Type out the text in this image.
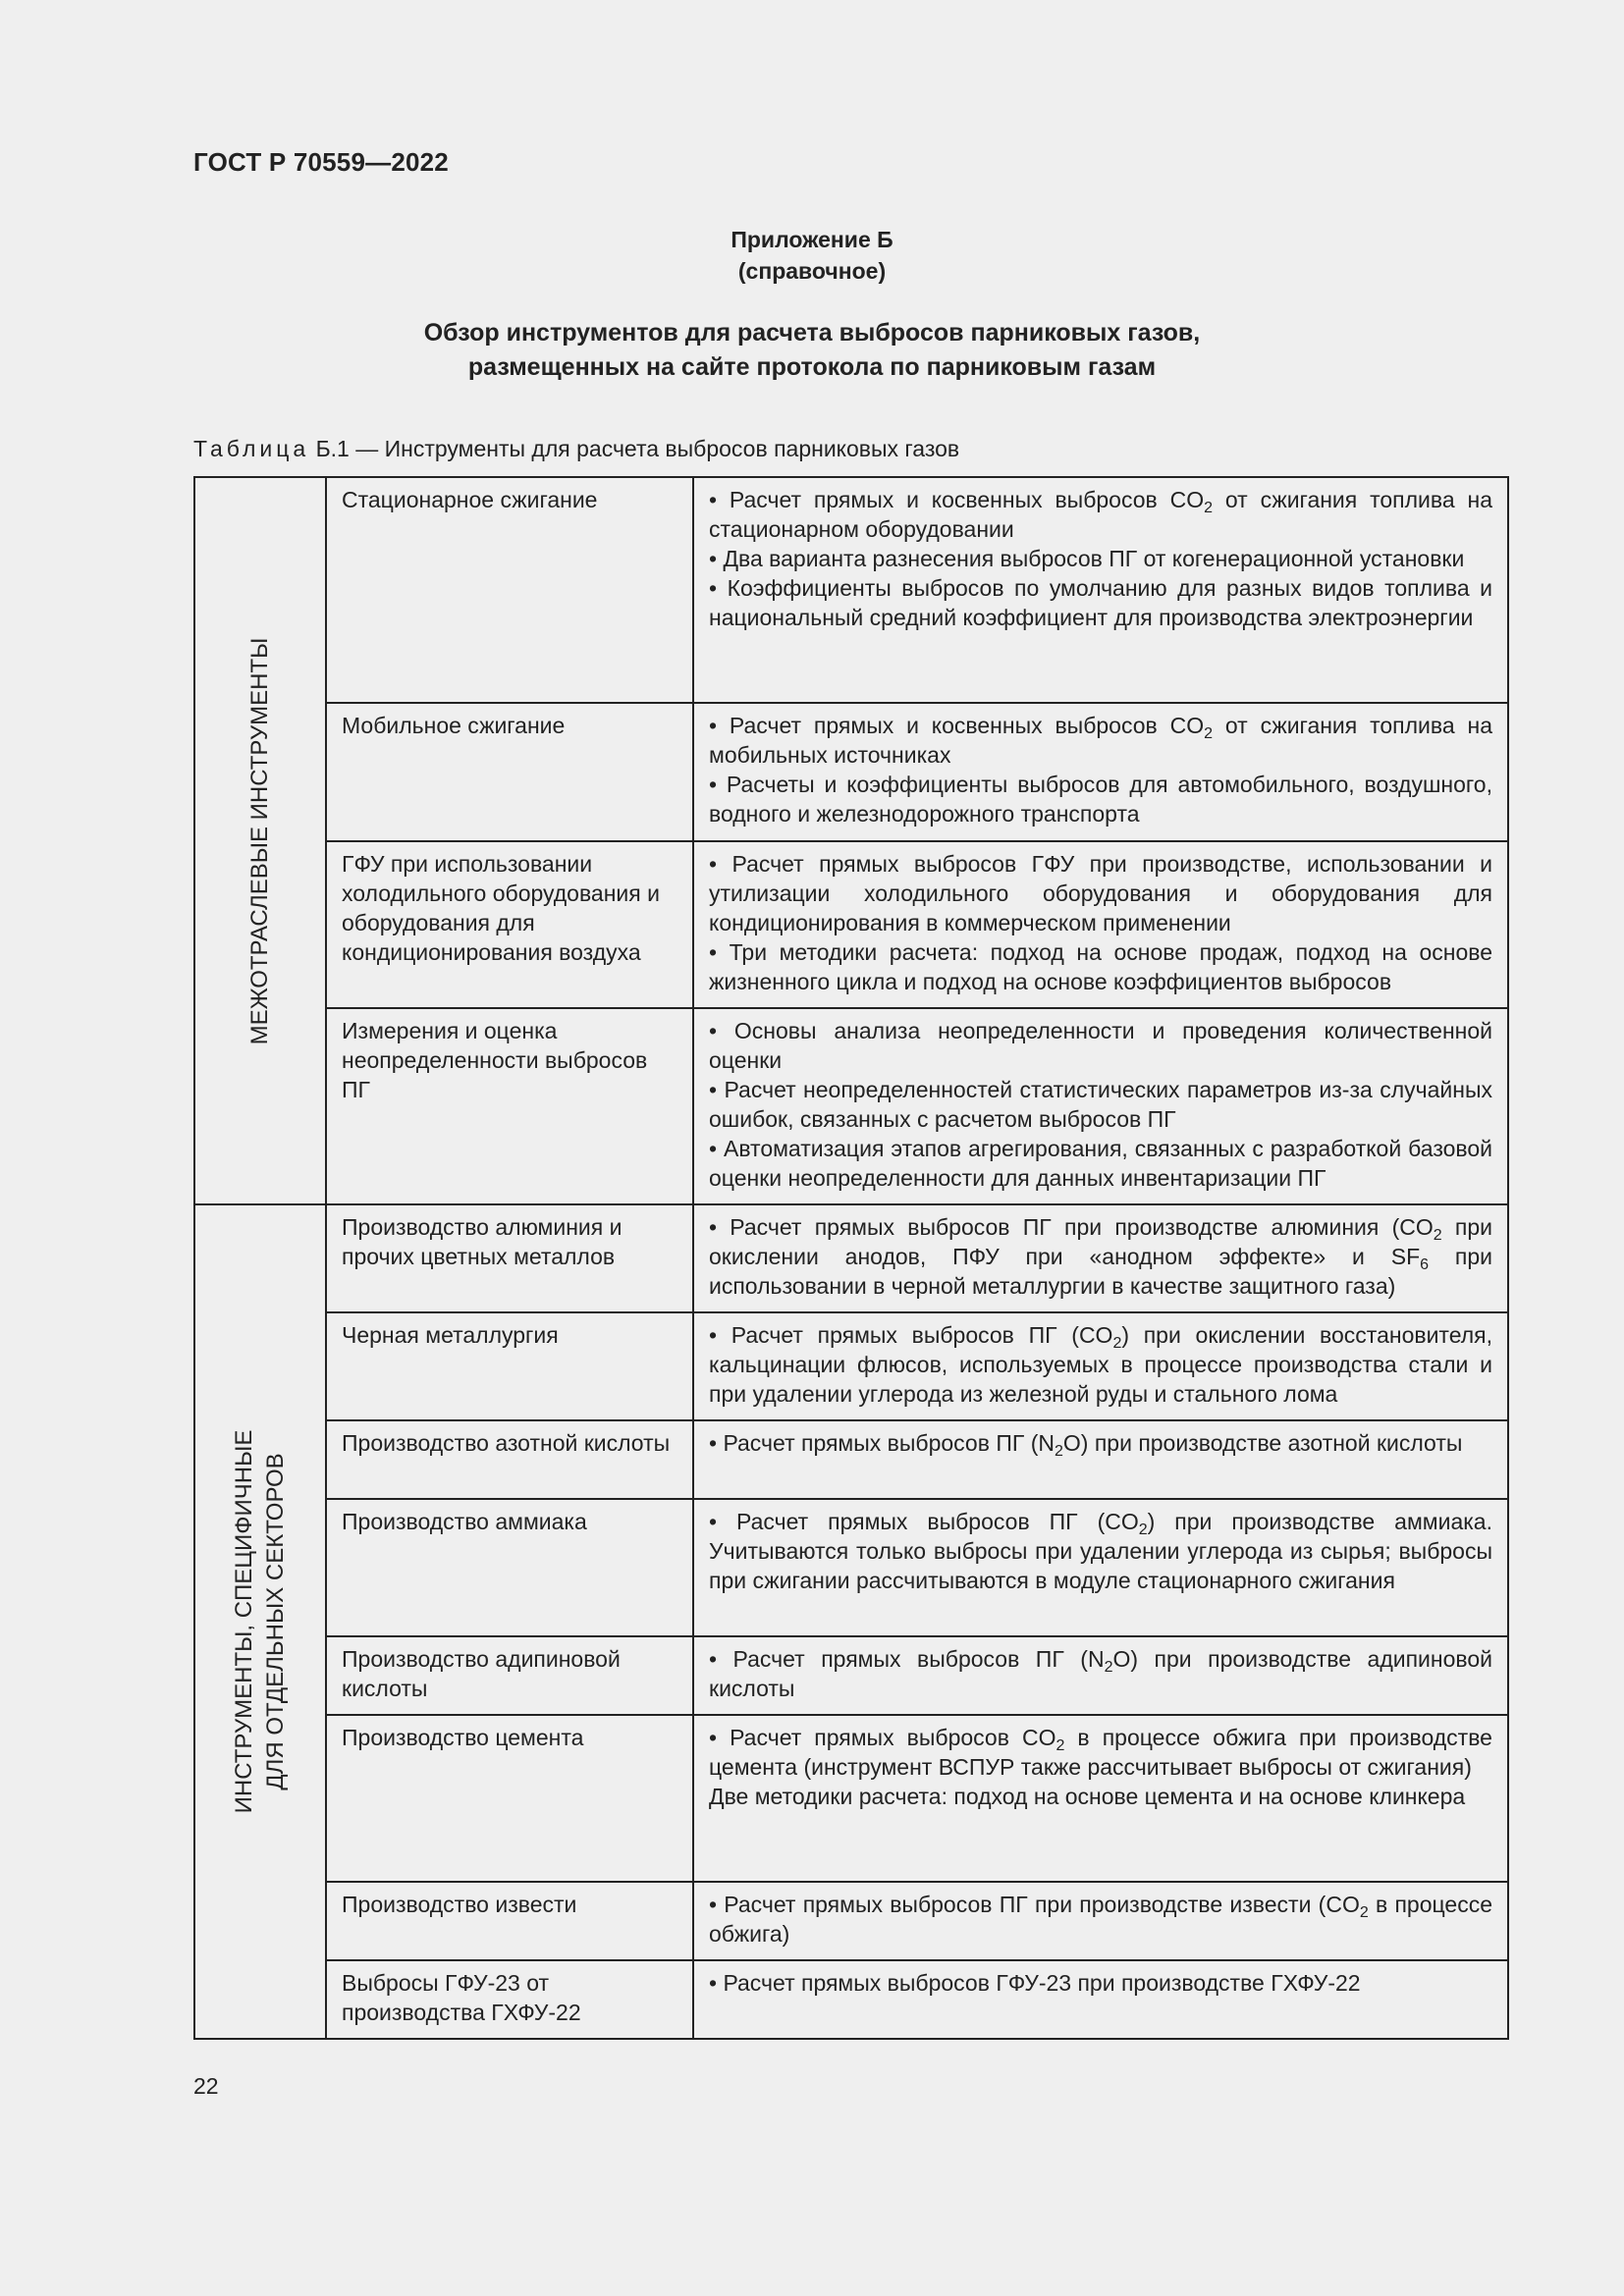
ГОСТ Р 70559—2022
Приложение Б
(справочное)
Обзор инструментов для расчета выбросов парниковых газов,
размещенных на сайте протокола по парниковым газам
Таблица Б.1 — Инструменты для расчета выбросов парниковых газов
МЕЖОТРАСЛЕВЫЕ ИНСТРУМЕНТЫ	Стационарное сжигание	• Расчет прямых и косвенных выбросов $CO_2$ от сжигания топлива на стационарном оборудовании
• Два варианта разнесения выбросов ПГ от когенерационной установки
• Коэффициенты выбросов по умолчанию для разных видов топлива и национальный средний коэффициент для производства электроэнергии

	Мобильное сжигание	• Расчет прямых и косвенных выбросов $CO_2$ от сжигания топлива на мобильных источниках
• Расчеты и коэффициенты выбросов для автомобильного, воздушного, водного и железнодорожного транспорта

	ГФУ при использовании холодильного оборудования и оборудования для кондиционирования воздуха	• Расчет прямых выбросов ГФУ при производстве, использовании и утилизации холодильного оборудования и оборудования для кондиционирования в коммерческом применении
• Три методики расчета: подход на основе продаж, подход на основе жизненного цикла и подход на основе коэффициентов выбросов

	Измерения и оценка неопределенности выбросов ПГ	• Основы анализа неопределенности и проведения количественной оценки
• Расчет неопределенностей статистических параметров из-за случайных ошибок, связанных с расчетом выбросов ПГ
• Автоматизация этапов агрегирования, связанных с разработкой базовой оценки неопределенности для данных инвентаризации ПГ

ИНСТРУМЕНТЫ, СПЕЦИФИЧНЫЕ ДЛЯ ОТДЕЛЬНЫХ СЕКТОРОВ	Производство алюминия и прочих цветных металлов	• Расчет прямых выбросов ПГ при производстве алюминия ($CO_2$ при окислении анодов, ПФУ при «анодном эффекте» и $SF_6$ при использовании в черной металлургии в качестве защитного газа)

	Черная металлургия	• Расчет прямых выбросов ПГ $(CO_2)$ при окислении восстановителя, кальцинации флюсов, используемых в процессе производства стали и при удалении углерода из железной руды и стального лома

	Производство азотной кислоты	• Расчет прямых выбросов ПГ $(N_2O)$ при производстве азотной кислоты

	Производство аммиака	• Расчет прямых выбросов ПГ $(CO_2)$ при производстве аммиака. Учитываются только выбросы при удалении углерода из сырья; выбросы при сжигании рассчитываются в модуле стационарного сжигания

	Производство адипиновой кислоты	• Расчет прямых выбросов ПГ $(N_2O)$ при производстве адипиновой кислоты

	Производство цемента	• Расчет прямых выбросов $CO_2$ в процессе обжига при производстве цемента (инструмент ВСПУР также рассчитывает выбросы от сжигания)
Две методики расчета: подход на основе цемента и на основе клинкера

	Производство извести	• Расчет прямых выбросов ПГ при производстве извести ($CO_2$ в процессе обжига)

	Выбросы ГФУ-23 от производства ГХФУ-22	• Расчет прямых выбросов ГФУ-23 при производстве ГХФУ-22
22
